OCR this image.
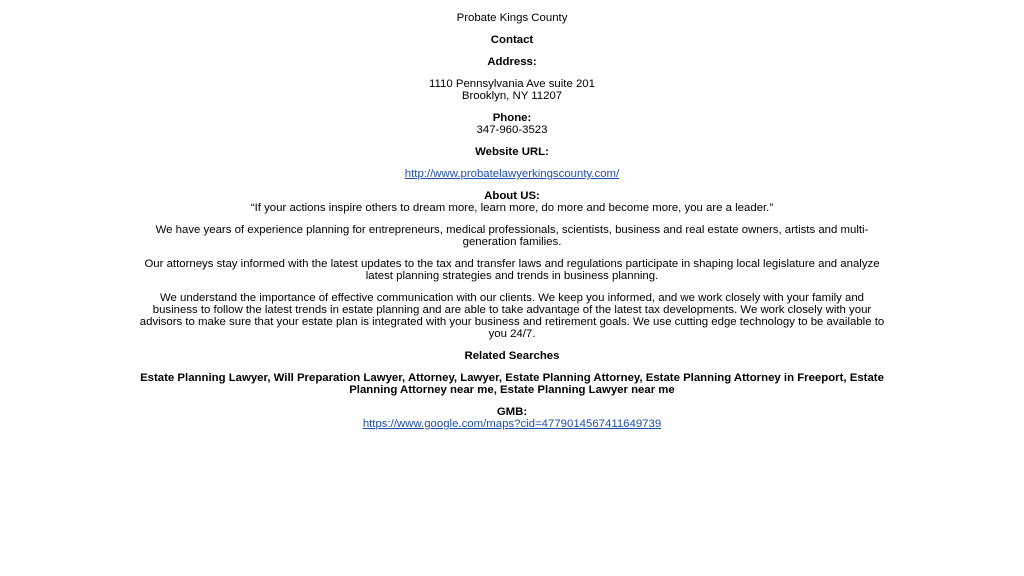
Probate Kings County
Contact
Address:
1110 Pennsylvania Ave suite 201
Brooklyn, NY 11207
Phone:
347-960-3523
Website URL:
http://www.probatelawyerkingscounty.com/
About US:
“If your actions inspire others to dream more, learn more, do more and become more, you are a leader.”
We have years of experience planning for entrepreneurs, medical professionals, scientists, business and real estate owners, artists and multi-generation families.
Our attorneys stay informed with the latest updates to the tax and transfer laws and regulations participate in shaping local legislature and analyze latest planning strategies and trends in business planning.
We understand the importance of effective communication with our clients. We keep you informed, and we work closely with your family and business to follow the latest trends in estate planning and are able to take advantage of the latest tax developments. We work closely with your advisors to make sure that your estate plan is integrated with your business and retirement goals. We use cutting edge technology to be available to you 24/7.
Related Searches
Estate Planning Lawyer, Will Preparation Lawyer, Attorney, Lawyer, Estate Planning Attorney, Estate Planning Attorney in Freeport, Estate Planning Attorney near me, Estate Planning Lawyer near me
GMB:
https://www.google.com/maps?cid=4779014567411649739
